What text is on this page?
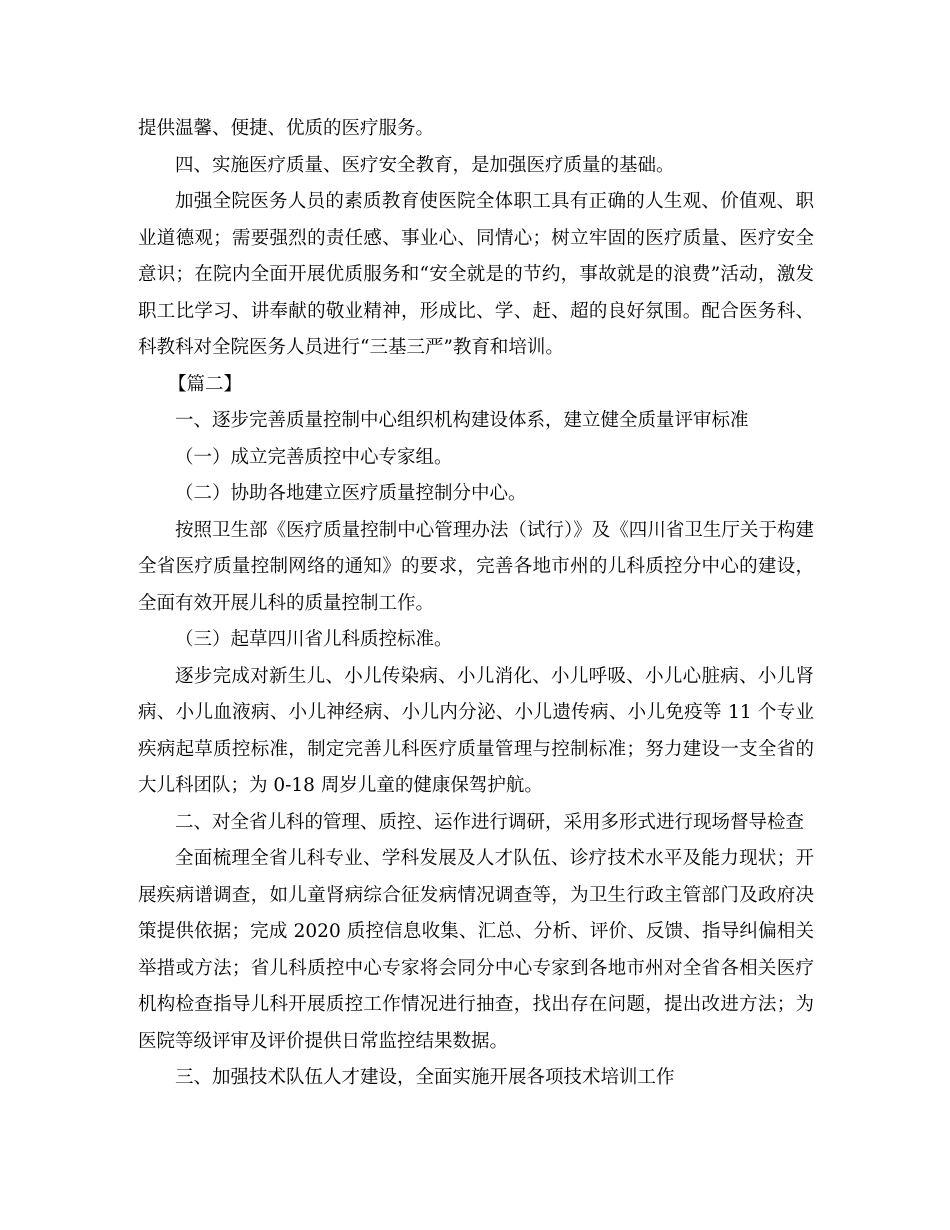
提供温馨、便捷、优质的医疗服务。

四、实施医疗质量、医疗安全教育，是加强医疗质量的基础。

加强全院医务人员的素质教育使医院全体职工具有正确的人生观、价值观、职业道德观；需要强烈的责任感、事业心、同情心；树立牢固的医疗质量、医疗安全意识；在院内全面开展优质服务和“安全就是的节约，事故就是的浪费”活动，激发职工比学习、讲奉献的敬业精神，形成比、学、赶、超的良好氛围。配合医务科、科教科对全院医务人员进行“三基三严”教育和培训。

【篇二】

一、逐步完善质量控制中心组织机构建设体系，建立健全质量评审标准

（一）成立完善质控中心专家组。

（二）协助各地建立医疗质量控制分中心。

按照卫生部《医疗质量控制中心管理办法（试行）》及《四川省卫生厅关于构建全省医疗质量控制网络的通知》的要求，完善各地市州的儿科质控分中心的建设，全面有效开展儿科的质量控制工作。

（三）起草四川省儿科质控标准。

逐步完成对新生儿、小儿传染病、小儿消化、小儿呼吸、小儿心脏病、小儿肾病、小儿血液病、小儿神经病、小儿内分泌、小儿遗传病、小儿免疫等 11 个专业疾病起草质控标准，制定完善儿科医疗质量管理与控制标准；努力建设一支全省的大儿科团队；为 0-18 周岁儿童的健康保驾护航。

二、对全省儿科的管理、质控、运作进行调研，采用多形式进行现场督导检查

全面梳理全省儿科专业、学科发展及人才队伍、诊疗技术水平及能力现状；开展疾病谱调查，如儿童肾病综合征发病情况调查等，为卫生行政主管部门及政府决策提供依据；完成 2020 质控信息收集、汇总、分析、评价、反馈、指导纠偏相关举措或方法；省儿科质控中心专家将会同分中心专家到各地市州对全省各相关医疗机构检查指导儿科开展质控工作情况进行抽查，找出存在问题，提出改进方法；为医院等级评审及评价提供日常监控结果数据。

三、加强技术队伍人才建设，全面实施开展各项技术培训工作
